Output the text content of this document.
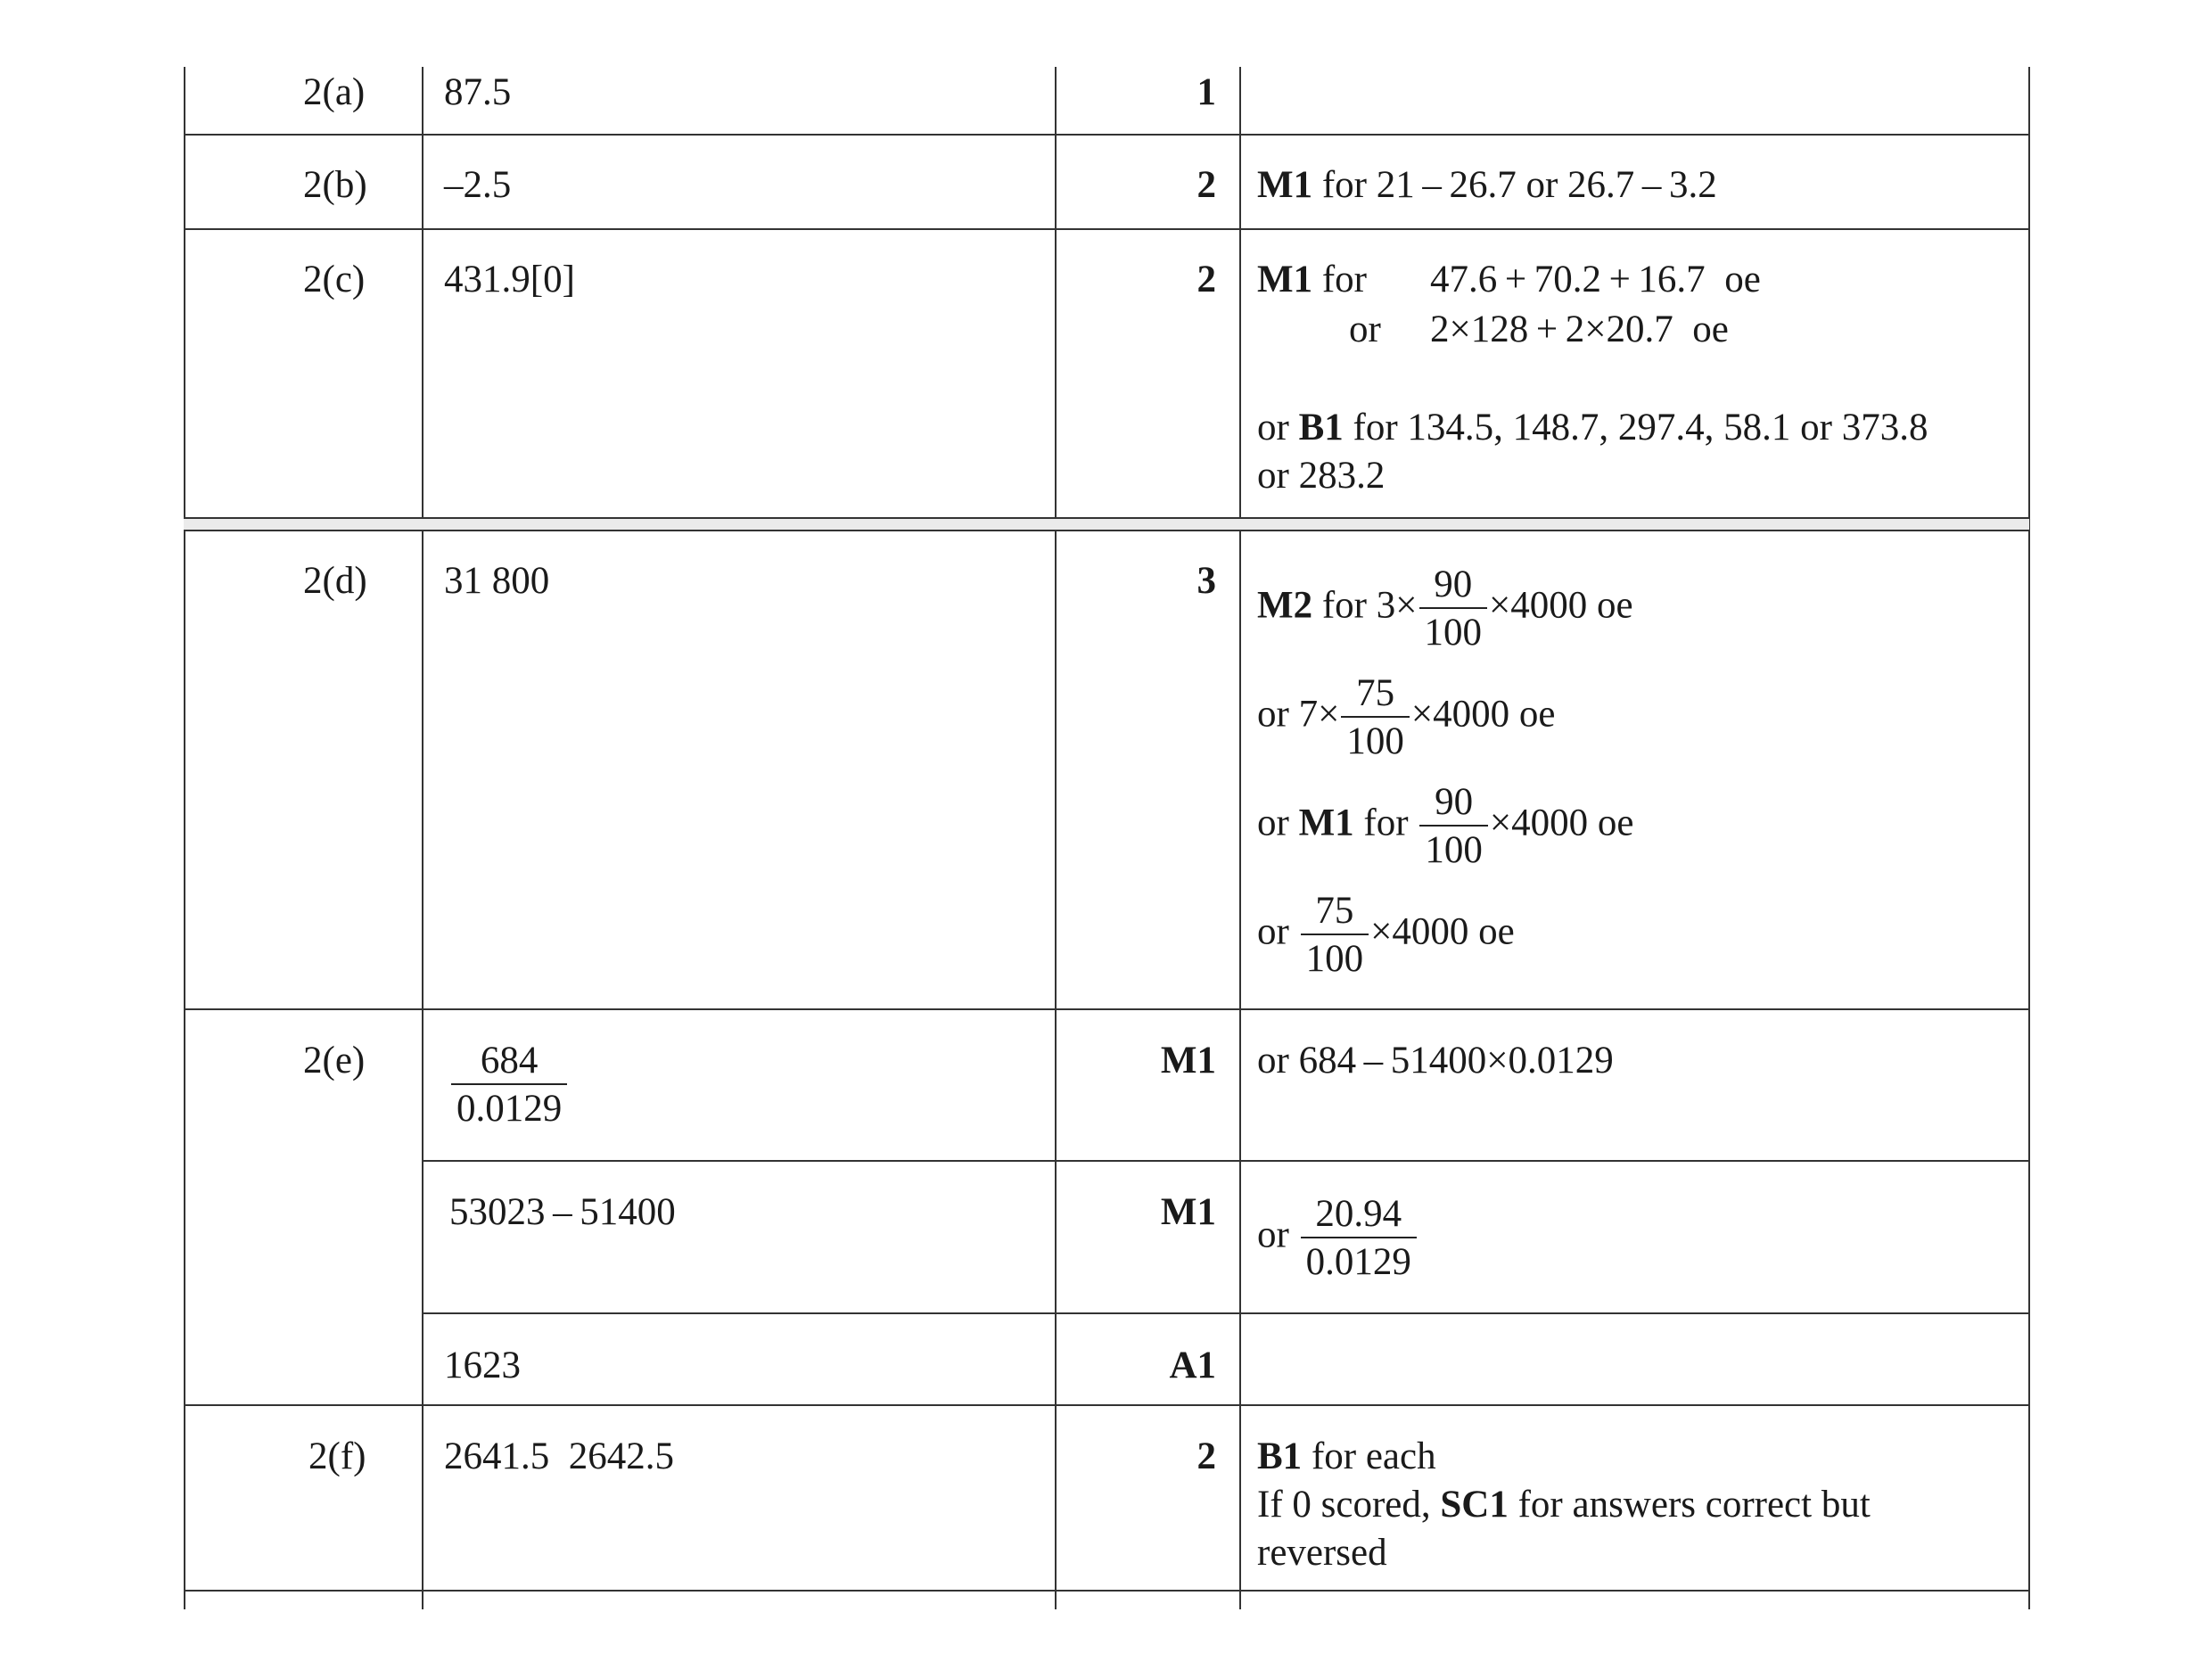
2(a) 87.5	1
2(b) –2.5	2 M1 for 21 – 26.7 or 26.7 – 3.2
2(c) 431.9[0]	2 M1 for 47.6 + 70.2 + 16.7 oe
or 2×128 + 2×20.7 oe
or B1 for 134.5, 148.7, 297.4, 58.1 or 373.8
or 283.2
2(d) 31 800	3
M2 for $3\times \frac{90}{100} \times 4000$ oe
or $7\times \frac{75}{100} \times 4000$ oe
or M1 for $\frac{90}{100} \times 4000$ oe
or $\frac{75}{100} \times 4000$ oe
$2(e) \frac{684}{0.0129}$	M1 or 684 – 51400×0.0129
53023 – 51400	M1
or $\frac{20.94}{0.0129}$
1623	A1
2(f) 2641.5  2642.5	2 B1 for each
If 0 scored, SC1 for answers correct but
reversed
